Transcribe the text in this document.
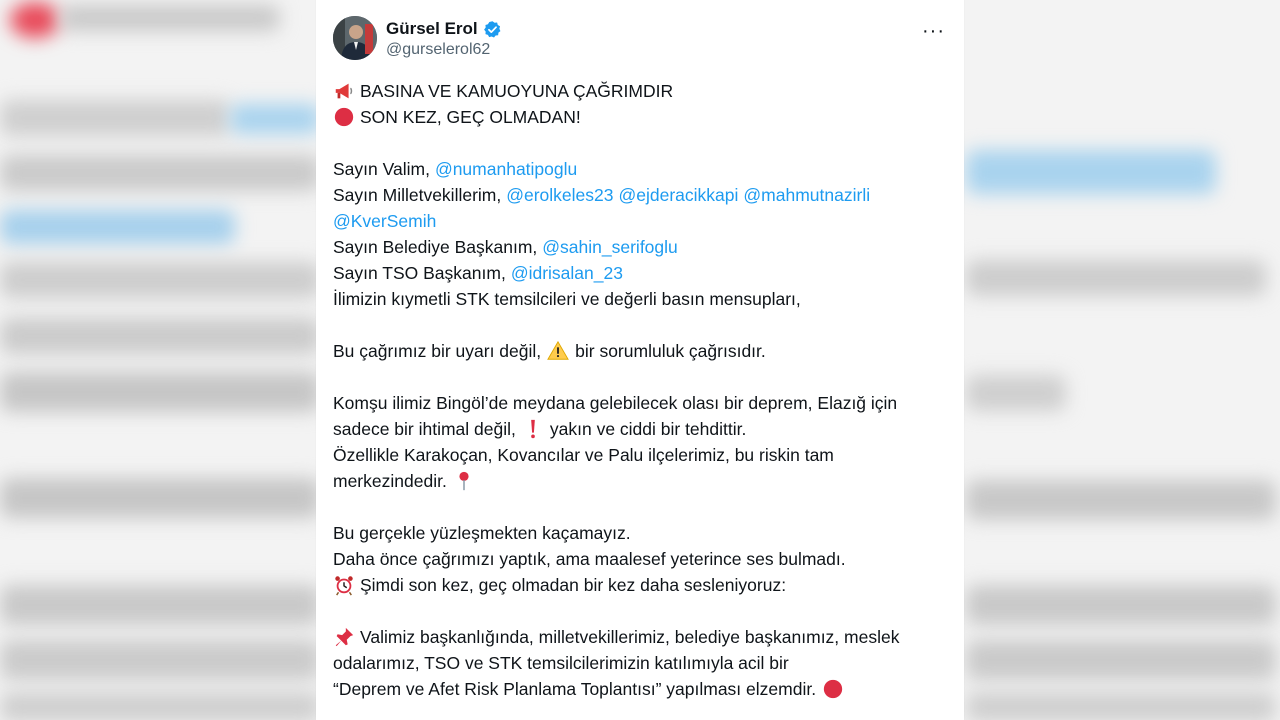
Gürsel Erol
@gurselerol62
···
BASINA VE KAMUOYUNA ÇAĞRIMDIR
SON KEZ, GEÇ OLMADAN!
Sayın Valim, @numanhatipoglu
Sayın Milletvekillerim, @erolkeles23 @ejderacikkapi @mahmutnazirli
@KverSemih
Sayın Belediye Başkanım, @sahin_serifoglu
Sayın TSO Başkanım, @idrisalan_23
İlimizin kıymetli STK temsilcileri ve değerli basın mensupları,
Bu çağrımız bir uyarı değil, bir sorumluluk çağrısıdır.
Komşu ilimiz Bingöl’de meydana gelebilecek olası bir deprem, Elazığ için
sadece bir ihtimal değil, yakın ve ciddi bir tehdittir.
Özellikle Karakoçan, Kovancılar ve Palu ilçelerimiz, bu riskin tam
merkezindedir.
Bu gerçekle yüzleşmekten kaçamayız.
Daha önce çağrımızı yaptık, ama maalesef yeterince ses bulmadı.
Şimdi son kez, geç olmadan bir kez daha sesleniyoruz:
Valimiz başkanlığında, milletvekillerimiz, belediye başkanımız, meslek
odalarımız, TSO ve STK temsilcilerimizin katılımıyla acil bir
“Deprem ve Afet Risk Planlama Toplantısı” yapılması elzemdir.
